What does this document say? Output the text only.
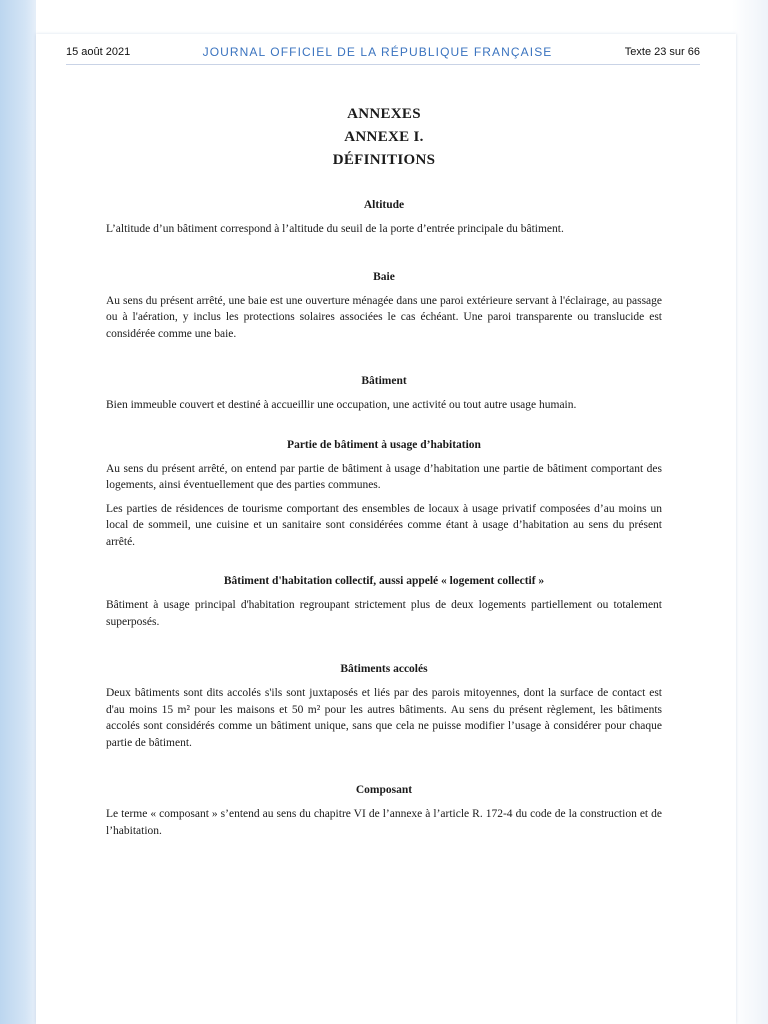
15 août 2021	JOURNAL OFFICIEL DE LA RÉPUBLIQUE FRANÇAISE	Texte 23 sur 66
ANNEXES
ANNEXE I.
DÉFINITIONS
Altitude

L’altitude d’un bâtiment correspond à l’altitude du seuil de la porte d’entrée principale du bâtiment.

Baie

Au sens du présent arrêté, une baie est une ouverture ménagée dans une paroi extérieure servant à l'éclairage, au passage ou à l'aération, y inclus les protections solaires associées le cas échéant. Une paroi transparente ou translucide est considérée comme une baie.

Bâtiment

Bien immeuble couvert et destiné à accueillir une occupation, une activité ou tout autre usage humain.

Partie de bâtiment à usage d’habitation

Au sens du présent arrêté, on entend par partie de bâtiment à usage d’habitation une partie de bâtiment comportant des logements, ainsi éventuellement que des parties communes.

Les parties de résidences de tourisme comportant des ensembles de locaux à usage privatif composées d’au moins un local de sommeil, une cuisine et un sanitaire sont considérées comme étant à usage d’habitation au sens du présent arrêté.

Bâtiment d'habitation collectif, aussi appelé « logement collectif »

Bâtiment à usage principal d'habitation regroupant strictement plus de deux logements partiellement ou totalement superposés.

Bâtiments accolés

Deux bâtiments sont dits accolés s'ils sont juxtaposés et liés par des parois mitoyennes, dont la surface de contact est d'au moins 15 m² pour les maisons et 50 m² pour les autres bâtiments. Au sens du présent règlement, les bâtiments accolés sont considérés comme un bâtiment unique, sans que cela ne puisse modifier l’usage à considérer pour chaque partie de bâtiment.

Composant

Le terme « composant » s’entend au sens du chapitre VI de l’annexe à l’article R. 172-4 du code de la construction et de l’habitation.
